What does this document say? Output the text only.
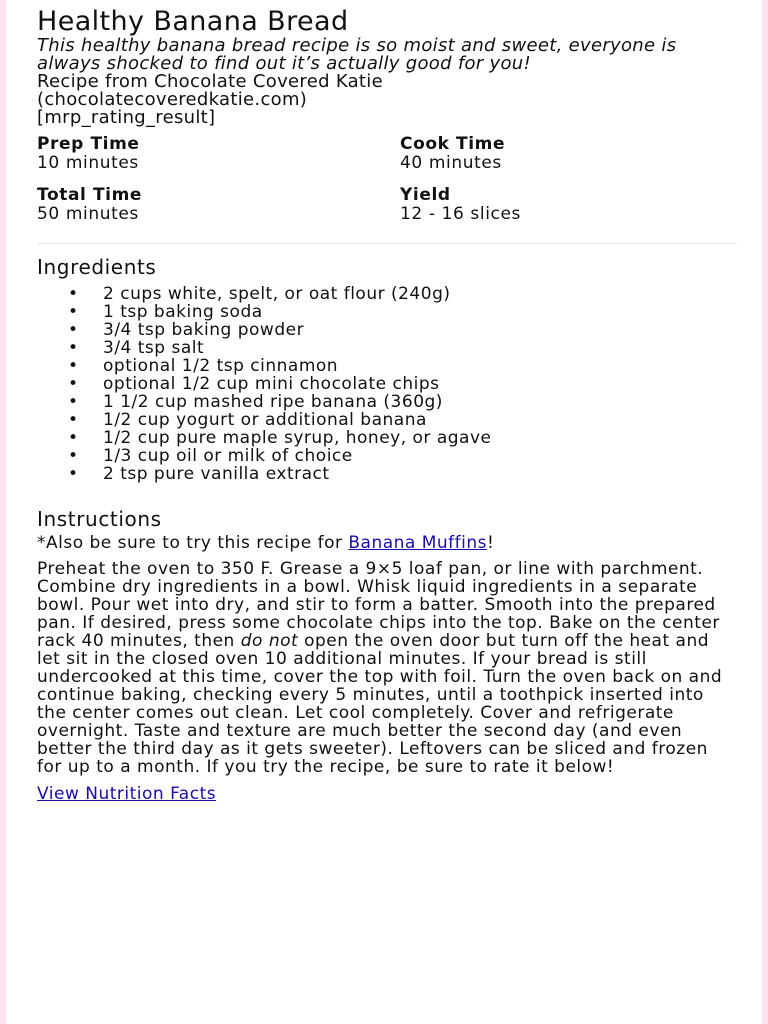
Healthy Banana Bread

This healthy banana bread recipe is so moist and sweet, everyone is always shocked to find out it’s actually good for you!

Recipe from Chocolate Covered Katie

(chocolatecoveredkatie.com)

[mrp_rating_result]

Prep Time
10 minutes
Cook Time
40 minutes
Total Time
50 minutes
Yield
12 - 16 slices
Ingredients
• 2 cups white, spelt, or oat flour (240g)
• 1 tsp baking soda
• 3/4 tsp baking powder
• 3/4 tsp salt
• optional 1/2 tsp cinnamon
• optional 1/2 cup mini chocolate chips
• 1 1/2 cup mashed ripe banana (360g)
• 1/2 cup yogurt or additional banana
• 1/2 cup pure maple syrup, honey, or agave
• 1/3 cup oil or milk of choice
• 2 tsp pure vanilla extract
Instructions

*Also be sure to try this recipe for Banana Muffins!

Preheat the oven to 350 F. Grease a 9×5 loaf pan, or line with parchment. Combine dry ingredients in a bowl. Whisk liquid ingredients in a separate bowl. Pour wet into dry, and stir to form a batter. Smooth into the prepared pan. If desired, press some chocolate chips into the top. Bake on the center rack 40 minutes, then do not open the oven door but turn off the heat and let sit in the closed oven 10 additional minutes. If your bread is still undercooked at this time, cover the top with foil. Turn the oven back on and continue baking, checking every 5 minutes, until a toothpick inserted into the center comes out clean. Let cool completely. Cover and refrigerate overnight. Taste and texture are much better the second day (and even better the third day as it gets sweeter). Leftovers can be sliced and frozen for up to a month. If you try the recipe, be sure to rate it below!

View Nutrition Facts
